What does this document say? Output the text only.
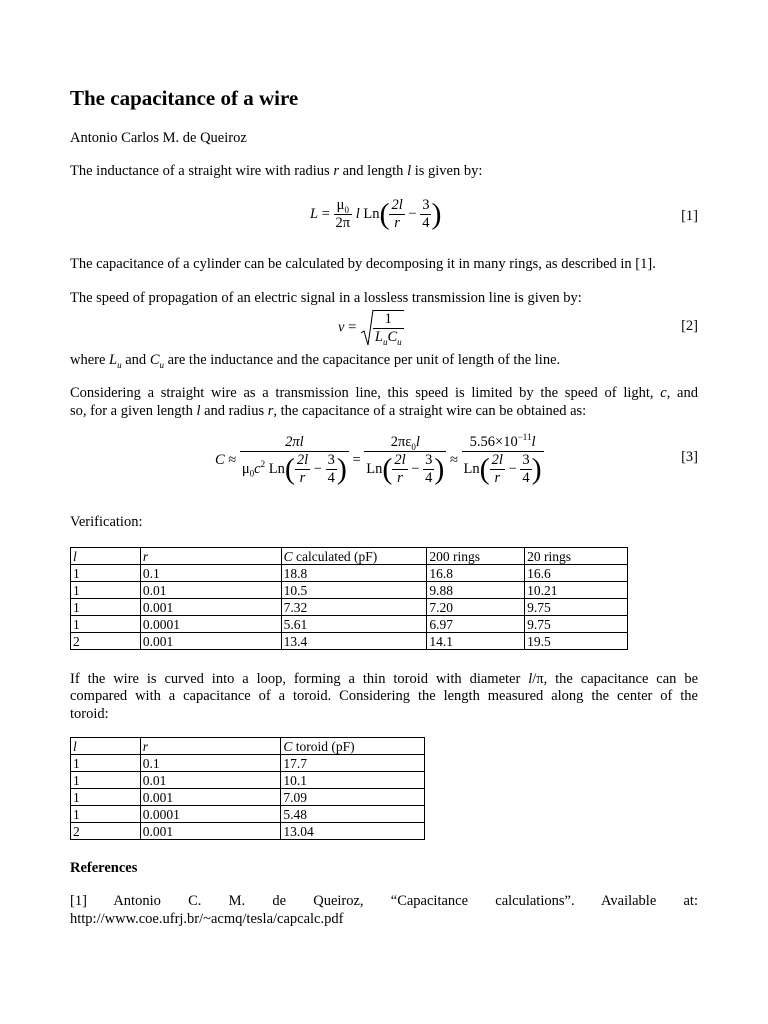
The capacitance of a wire
Antonio Carlos M. de Queiroz
The inductance of a straight wire with radius r and length l is given by:
$L = \frac{\mu_0}{2\pi}$ l $Ln( \frac{2l}{r} - \frac{3}{4}$ )	[1]
The capacitance of a cylinder can be calculated by decomposing it in many rings, as described in [1].
The speed of propagation of an electric signal in a lossless transmission line is given by:
$v = \frac{1}{L_uC_u}$	[2]
where $L_u$ and $C_u$ are the inductance and the capacitance per unit of length of the line.
Considering a straight wire as a transmission line, this speed is limited by the speed of light, c, and
so, for a given length l and radius r, the capacitance of a straight wire can be obtained as:
$C \approx \frac{2\pi l}{\mu_0c^2 Ln( \frac{2l}{r} - \frac{3}{4} )} = \frac{2\pi\varepsilon_0l}{Ln( \frac{2l}{r} - \frac{3}{4} )} \approx \frac{5.56\times 10^{-11}l}{Ln( \frac{2l}{r} - \frac{3}{4} )}$	[3]
Verification:
l	r	C calculated (pF)	200 rings	20 rings
1	0.1	18.8	16.8	16.6
1	0.01	10.5	9.88	10.21
1	0.001	7.32	7.20	9.75
1	0.0001	5.61	6.97	9.75
2	0.001	13.4	14.1	19.5
If the wire is curved into a loop, forming a thin toroid with diameter l/π, the capacitance can be
compared with a capacitance of a toroid. Considering the length measured along the center of the
toroid:
l	r	C toroid (pF)
1	0.1	17.7
1	0.01	10.1
1	0.001	7.09
1	0.0001	5.48
2	0.001	13.04
References
[1] Antonio C. M. de Queiroz, “Capacitance calculations”. Available at:
http://www.coe.ufrj.br/~acmq/tesla/capcalc.pdf
